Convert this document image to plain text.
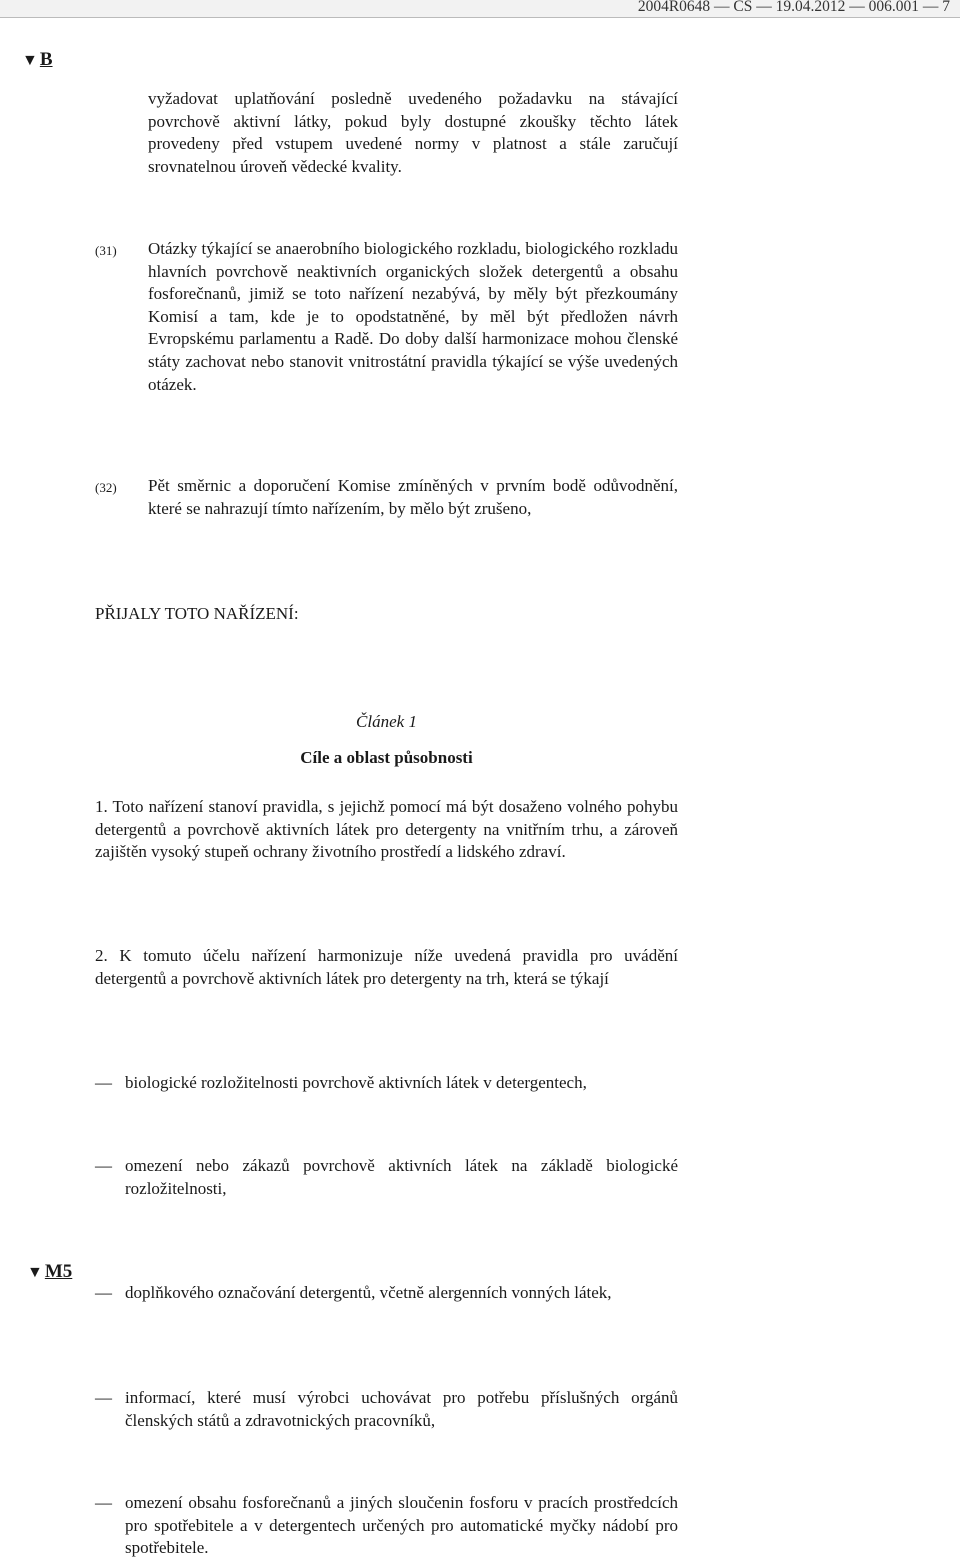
2004R0648 — CS — 19.04.2012 — 006.001 — 7
▼ B

vyžadovat uplatňování posledně uvedeného požadavku na stávající povrchově aktivní látky, pokud byly dostupné zkoušky těchto látek provedeny před vstupem uvedené normy v platnost a stále zaručují srovnatelnou úroveň vědecké kvality.

(31) Otázky týkající se anaerobního biologického rozkladu, biologického rozkladu hlavních povrchově neaktivních organických složek detergentů a obsahu fosforečnanů, jimiž se toto nařízení nezabývá, by měly být přezkoumány Komisí a tam, kde je to opodstatněné, by měl být předložen návrh Evropskému parlamentu a Radě. Do doby další harmonizace mohou členské státy zachovat nebo stanovit vnitrostátní pravidla týkající se výše uvedených otázek.

(32) Pět směrnic a doporučení Komise zmíněných v prvním bodě odůvodnění, které se nahrazují tímto nařízením, by mělo být zrušeno,

PŘIJALY TOTO NAŘÍZENÍ:
Článek 1
Cíle a oblast působnosti

1. Toto nařízení stanoví pravidla, s jejichž pomocí má být dosaženo volného pohybu detergentů a povrchově aktivních látek pro detergenty na vnitřním trhu, a zároveň zajištěn vysoký stupeň ochrany životního prostředí a lidského zdraví.

2. K tomuto účelu nařízení harmonizuje níže uvedená pravidla pro uvádění detergentů a povrchově aktivních látek pro detergenty na trh, která se týkají

— biologické rozložitelnosti povrchově aktivních látek v detergentech,

— omezení nebo zákazů povrchově aktivních látek na základě biologické rozložitelnosti,

▼ M5
— doplňkového označování detergentů, včetně alergenních vonných látek,

— informací, které musí výrobci uchovávat pro potřebu příslušných orgánů členských států a zdravotnických pracovníků,

— omezení obsahu fosforečnanů a jiných sloučenin fosforu v pracích prostředcích pro spotřebitele a v detergentech určených pro automatické myčky nádobí pro spotřebitele.
